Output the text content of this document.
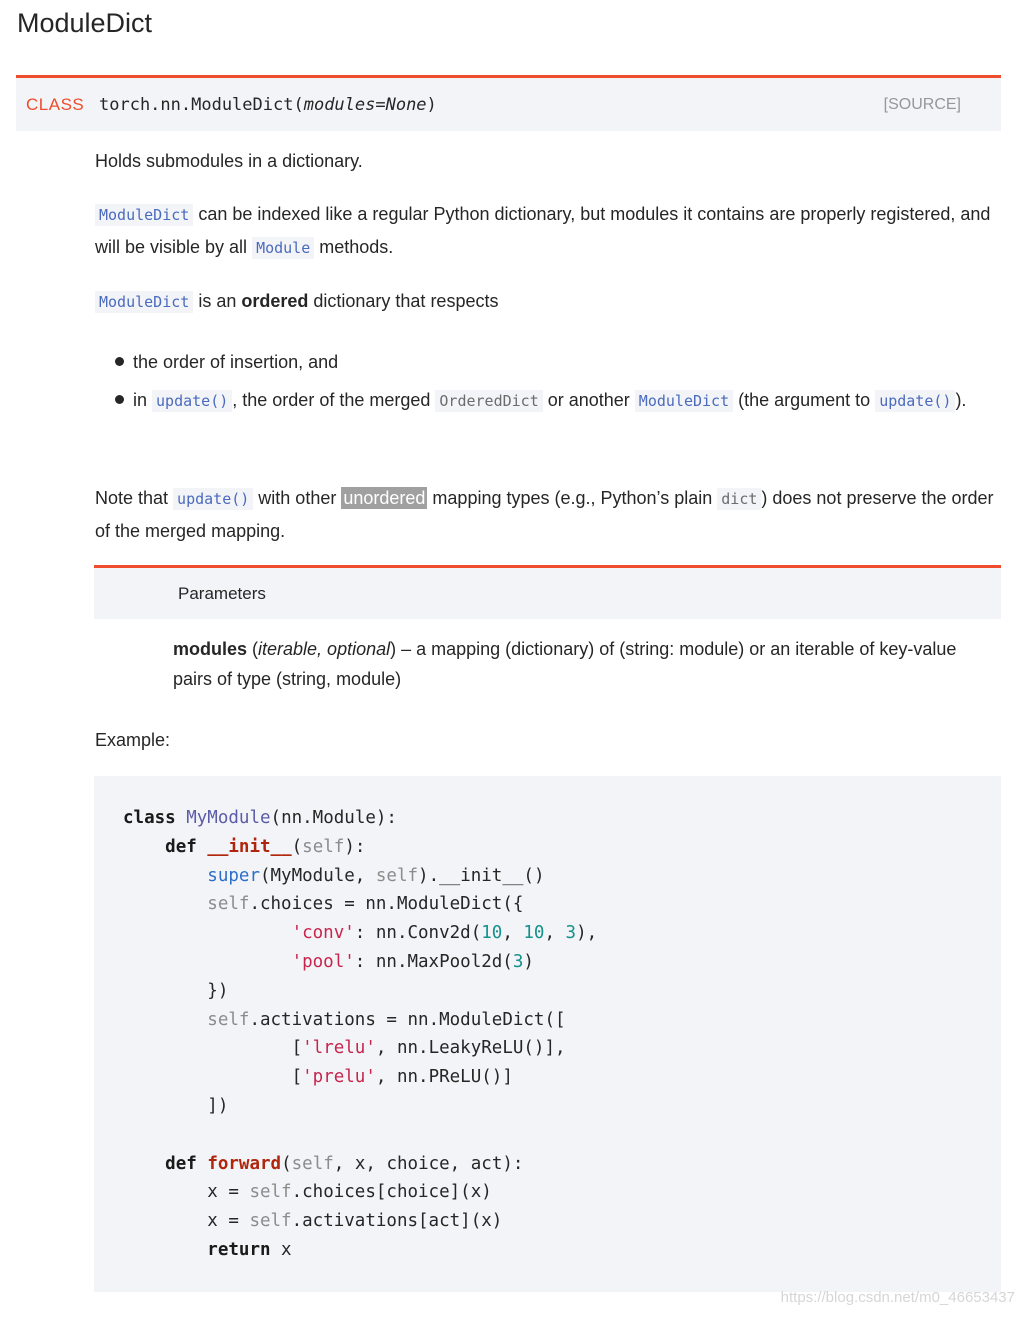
ModuleDict
CLASS torch.nn.ModuleDict(modules=None)	[SOURCE]
Holds submodules in a dictionary.
ModuleDict can be indexed like a regular Python dictionary, but modules it contains are properly registered, and will be visible by all Module methods.
ModuleDict is an ordered dictionary that respects
the order of insertion, and
in update() , the order of the merged OrderedDict or another ModuleDict (the argument to update() ).
Note that update() with other unordered mapping types (e.g., Python’s plain dict ) does not preserve the order of the merged mapping.
Parameters
modules (iterable, optional) – a mapping (dictionary) of (string: module) or an iterable of key-value pairs of type (string, module)
Example:
class MyModule(nn.Module):
def __init__(self):
super(MyModule, self).__init__()
self.choices = nn.ModuleDict({
'conv': nn.Conv2d(10, 10, 3),
'pool': nn.MaxPool2d(3)
})
self.activations = nn.ModuleDict([
['lrelu', nn.LeakyReLU()],
['prelu', nn.PReLU()]
])

def forward(self, x, choice, act):
x = self.choices[choice](x)
x = self.activations[act](x)
return x
https://blog.csdn.net/m0_46653437
